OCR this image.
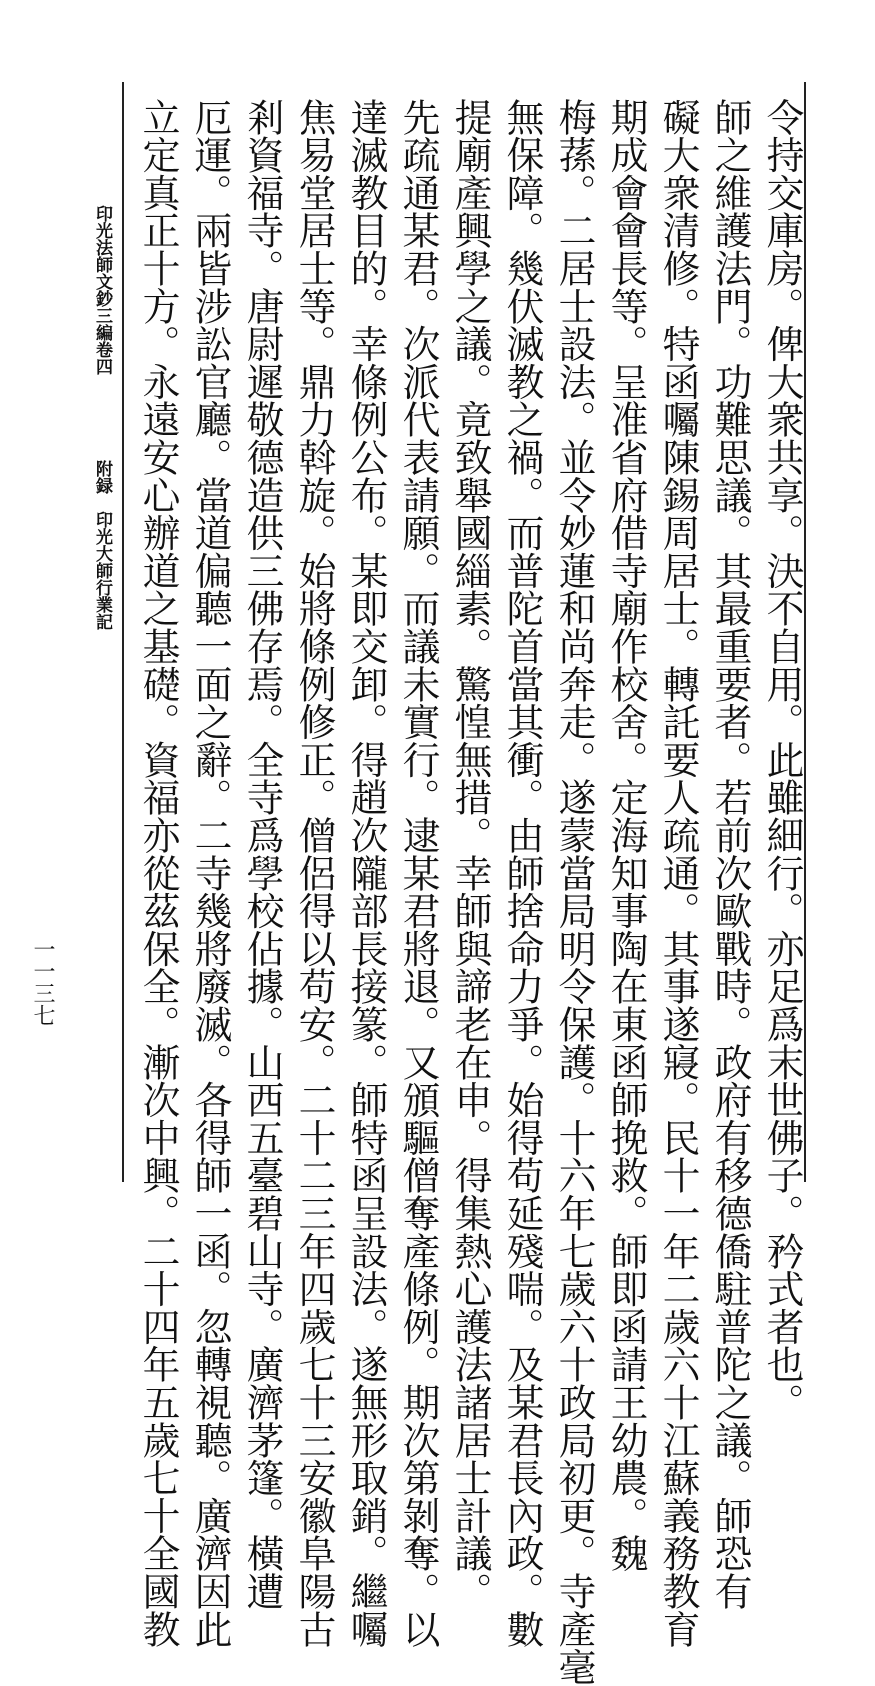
令持交庫房。俾大衆共享。決不自用。此雖細行。亦足爲末世佛子。矜式者也。
師之維護法門。功難思議。其最重要者。若前次歐戰時。政府有移德僑駐普陀之議。師恐有
礙大衆清修。特函囑陳錫周居士。轉託要人疏通。其事遂寢。民十一年二歲六十江蘇義務教育
期成會會長等。呈准省府借寺廟作校舍。定海知事陶在東函師挽救。師即函請王幼農。魏
梅蓀。二居士設法。並令妙蓮和尚奔走。遂蒙當局明令保護。十六年七歲六十政局初更。寺產毫
無保障。幾伏滅教之禍。而普陀首當其衝。由師捨命力爭。始得苟延殘喘。及某君長內政。數
提廟產興學之議。竟致舉國緇素。驚惶無措。幸師與諦老在申。得集熱心護法諸居士計議。
先疏通某君。次派代表請願。而議未實行。逮某君將退。又頒驅僧奪產條例。期次第剝奪。以
達滅教目的。幸條例公布。某即交卸。得趙次隴部長接篆。師特函呈設法。遂無形取銷。繼囑
焦易堂居士等。鼎力斡旋。始將條例修正。僧侶得以苟安。二十二三年四歲七十三安徽阜陽古
剎資福寺。唐尉遲敬德造供三佛存焉。全寺爲學校佔據。山西五臺碧山寺。廣濟茅篷。橫遭
厄運。兩皆涉訟官廳。當道偏聽一面之辭。二寺幾將廢滅。各得師一函。忽轉視聽。廣濟因此
立定真正十方。永遠安心辦道之基礎。資福亦從茲保全。漸次中興。二十四年五歲七十全國教
印光法師文鈔三編卷四
附録　印光大師行業記
一一三七
